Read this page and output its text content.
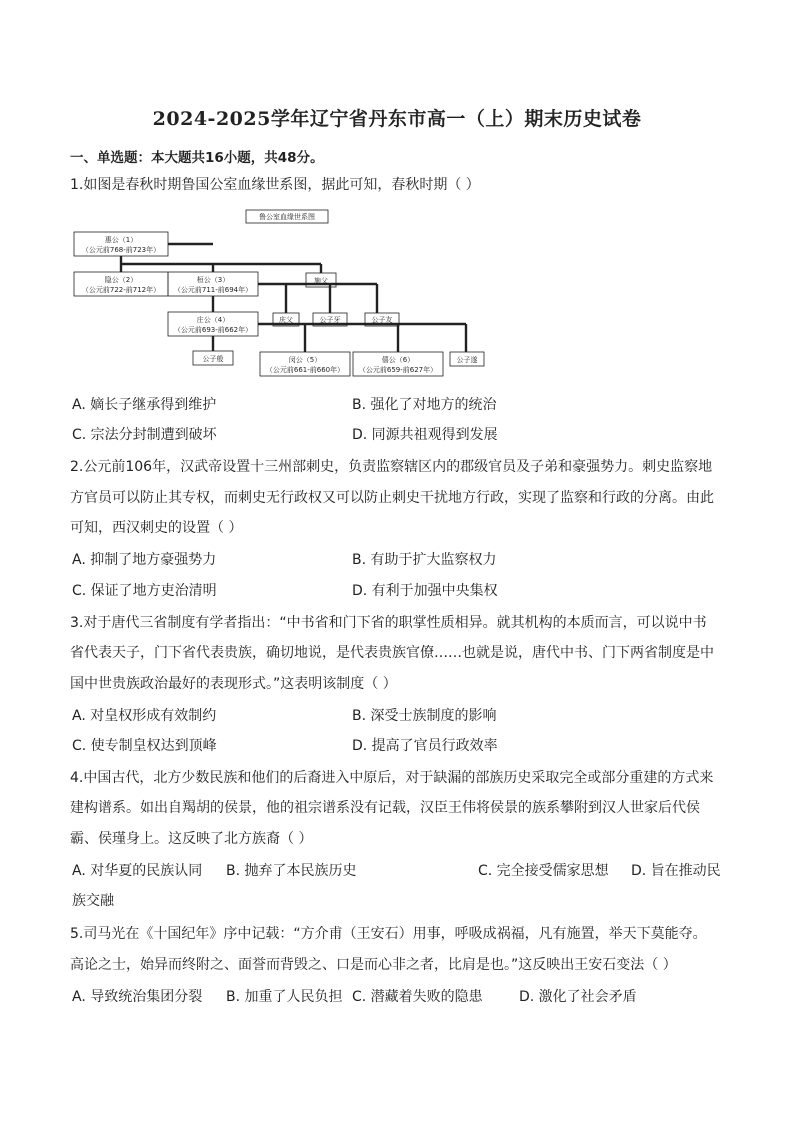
2024-2025学年辽宁省丹东市高一（上）期末历史试卷
一、单选题：本大题共16小题，共48分。
1.如图是春秋时期鲁国公室血缘世系图，据此可知，春秋时期（ ）
鲁公室血缘世系图
惠公（1）
（公元前768-前723年）
隐公（2）
（公元前722-前712年）
桓公（3）
（公元前711-前694年）
施父
庄公（4）
（公元前693-前662年）
庆父	公子牙	公子友
公子般	闵公（5）
（公元前661-前660年）
僖公（6）
（公元前659-前627年）
公子遂
A. 嫡长子继承得到维护	B. 强化了对地方的统治
C. 宗法分封制遭到破坏	D. 同源共祖观得到发展
2.公元前106年，汉武帝设置十三州部刺史，负责监察辖区内的郡级官员及子弟和豪强势力。刺史监察地
方官员可以防止其专权，而刺史无行政权又可以防止刺史干扰地方行政，实现了监察和行政的分离。由此
可知，西汉刺史的设置（ ）
A. 抑制了地方豪强势力	B. 有助于扩大监察权力
C. 保证了地方吏治清明	D. 有利于加强中央集权
3.对于唐代三省制度有学者指出：“中书省和门下省的职掌性质相异。就其机构的本质而言，可以说中书
省代表天子，门下省代表贵族，确切地说，是代表贵族官僚……也就是说，唐代中书、门下两省制度是中
国中世贵族政治最好的表现形式。”这表明该制度（ ）
A. 对皇权形成有效制约	B. 深受士族制度的影响
C. 使专制皇权达到顶峰	D. 提高了官员行政效率
4.中国古代，北方少数民族和他们的后裔进入中原后，对于缺漏的部族历史采取完全或部分重建的方式来
建构谱系。如出自羯胡的侯景，他的祖宗谱系没有记载，汉臣王伟将侯景的族系攀附到汉人世家后代侯
霸、侯瑾身上。这反映了北方族裔（ ）
A. 对华夏的民族认同 B. 抛弃了本民族历史	C. 完全接受儒家思想 D. 旨在推动民
族交融
5.司马光在《十国纪年》序中记载：“方介甫（王安石）用事，呼吸成祸福，凡有施置，举天下莫能夺。
高论之士，始异而终附之、面誉而背毁之、口是而心非之者，比肩是也。”这反映出王安石变法（ ）
A. 导致统治集团分裂 B. 加重了人民负担 C. 潜藏着失败的隐患	D. 激化了社会矛盾
